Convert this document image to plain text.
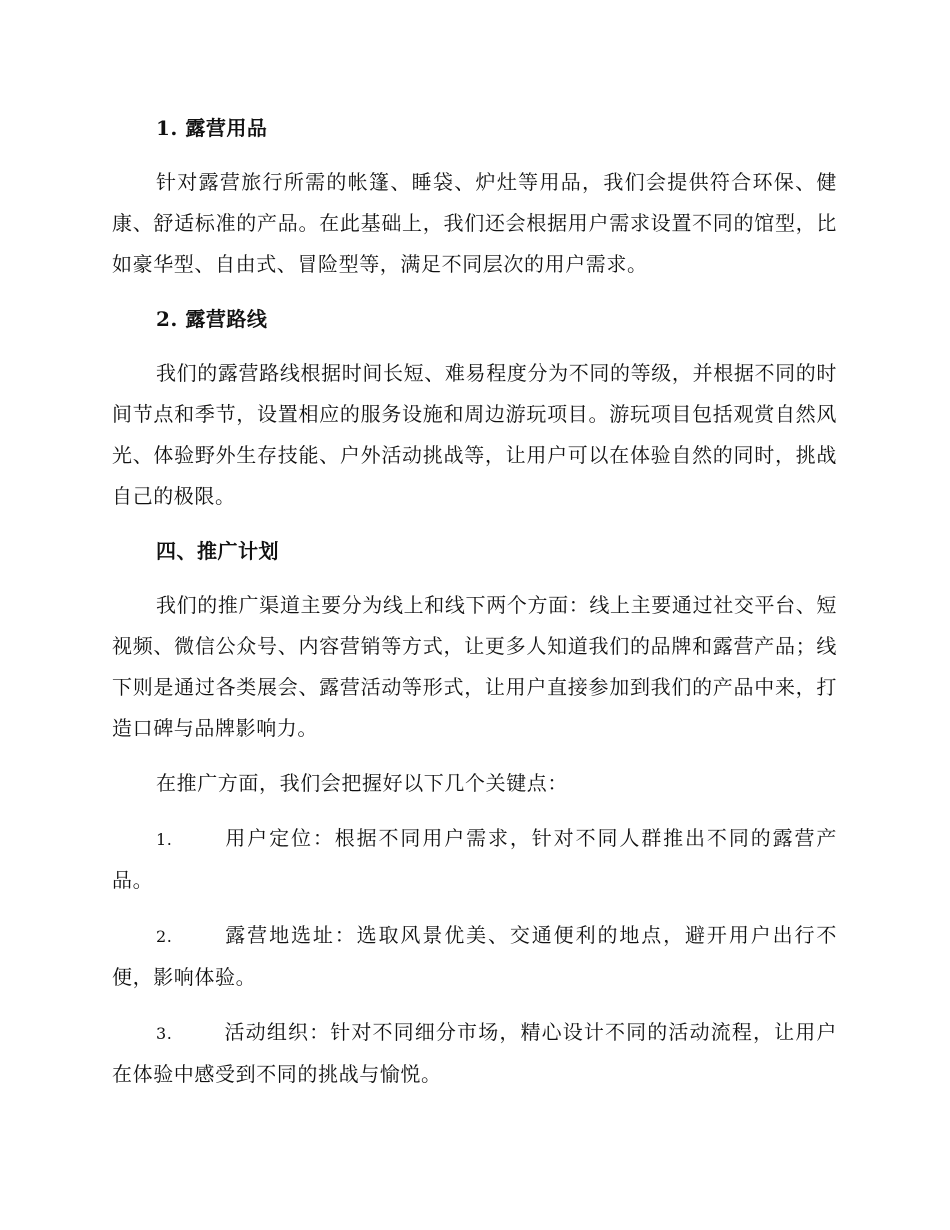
1. 露营用品

针对露营旅行所需的帐篷、睡袋、炉灶等用品，我们会提供符合环保、健康、舒适标准的产品。在此基础上，我们还会根据用户需求设置不同的馆型，比如豪华型、自由式、冒险型等，满足不同层次的用户需求。

2. 露营路线

我们的露营路线根据时间长短、难易程度分为不同的等级，并根据不同的时间节点和季节，设置相应的服务设施和周边游玩项目。游玩项目包括观赏自然风光、体验野外生存技能、户外活动挑战等，让用户可以在体验自然的同时，挑战自己的极限。

四、推广计划

我们的推广渠道主要分为线上和线下两个方面：线上主要通过社交平台、短视频、微信公众号、内容营销等方式，让更多人知道我们的品牌和露营产品；线下则是通过各类展会、露营活动等形式，让用户直接参加到我们的产品中来，打造口碑与品牌影响力。

在推广方面，我们会把握好以下几个关键点：

1.	用户定位：根据不同用户需求，针对不同人群推出不同的露营产品。
2.	露营地选址：选取风景优美、交通便利的地点，避开用户出行不便，影响体验。
3.	活动组织：针对不同细分市场，精心设计不同的活动流程，让用户在体验中感受到不同的挑战与愉悦。
